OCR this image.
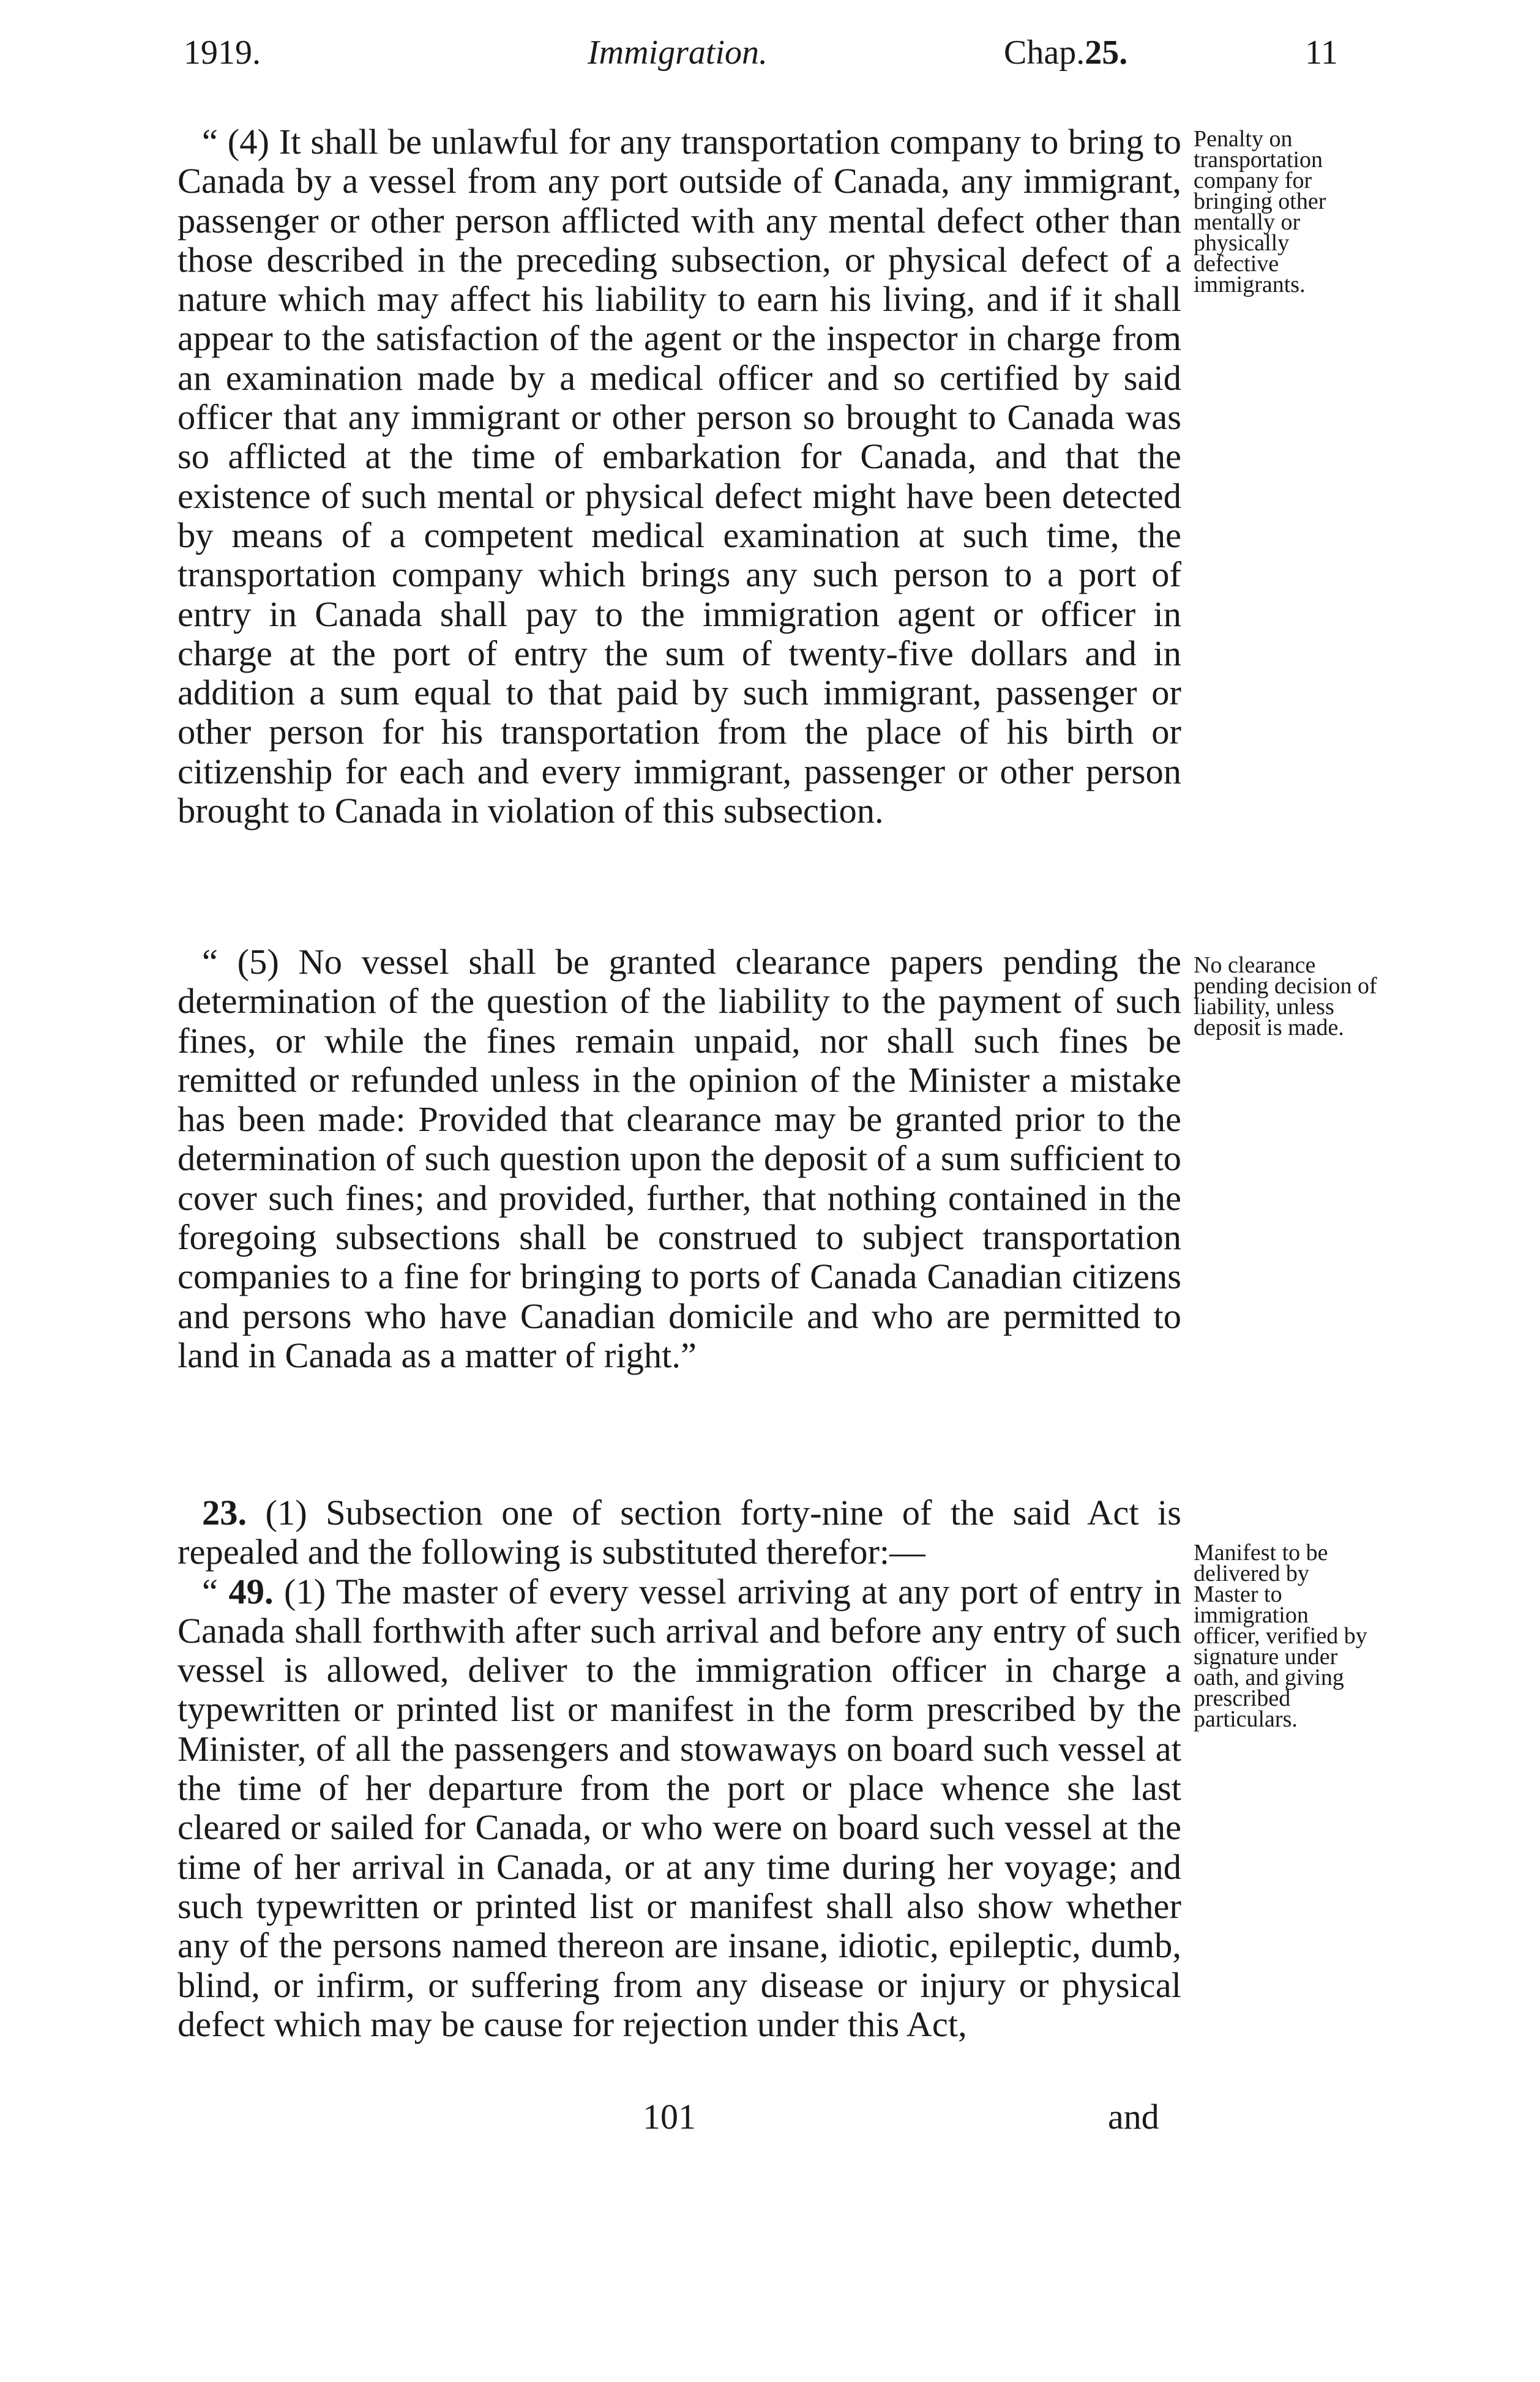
1919.	Immigration.	Chap.25.	11

“ (4) It shall be unlawful for any transportation company to bring to Canada by a vessel from any port outside of Canada, any immigrant, passenger or other person afflicted with any mental defect other than those described in the preceding subsection, or physical defect of a nature which may affect his liability to earn his living, and if it shall appear to the satisfaction of the agent or the inspector in charge from an examination made by a medical officer and so certified by said officer that any immigrant or other person so brought to Canada was so afflicted at the time of embarkation for Canada, and that the existence of such mental or physical defect might have been detected by means of a competent medical examination at such time, the transportation company which brings any such person to a port of entry in Canada shall pay to the immigration agent or officer in charge at the port of entry the sum of twenty-five dollars and in addition a sum equal to that paid by such immigrant, passenger or other person for his transportation from the place of his birth or citizenship for each and every immigrant, passenger or other person brought to Canada in violation of this subsection.

Penalty on transportation company for bringing other mentally or physically defective immigrants.

“ (5) No vessel shall be granted clearance papers pending the determination of the question of the liability to the payment of such fines, or while the fines remain unpaid, nor shall such fines be remitted or refunded unless in the opinion of the Minister a mistake has been made: Provided that clearance may be granted prior to the determination of such question upon the deposit of a sum sufficient to cover such fines; and provided, further, that nothing contained in the foregoing subsections shall be construed to subject transportation companies to a fine for bringing to ports of Canada Canadian citizens and persons who have Canadian domicile and who are permitted to land in Canada as a matter of right.”

No clearance pending decision of liability, unless deposit is made.

23. (1) Subsection one of section forty-nine of the said Act is repealed and the following is substituted therefor:—

“ 49. (1) The master of every vessel arriving at any port of entry in Canada shall forthwith after such arrival and before any entry of such vessel is allowed, deliver to the immigration officer in charge a typewritten or printed list or manifest in the form prescribed by the Minister, of all the passengers and stowaways on board such vessel at the time of her departure from the port or place whence she last cleared or sailed for Canada, or who were on board such vessel at the time of her arrival in Canada, or at any time during her voyage; and such typewritten or printed list or manifest shall also show whether any of the persons named thereon are insane, idiotic, epileptic, dumb, blind, or infirm, or suffering from any disease or injury or physical defect which may be cause for rejection under this Act,

Manifest to be delivered by Master to immigration officer, verified by signature under oath, and giving prescribed particulars.
101	and
